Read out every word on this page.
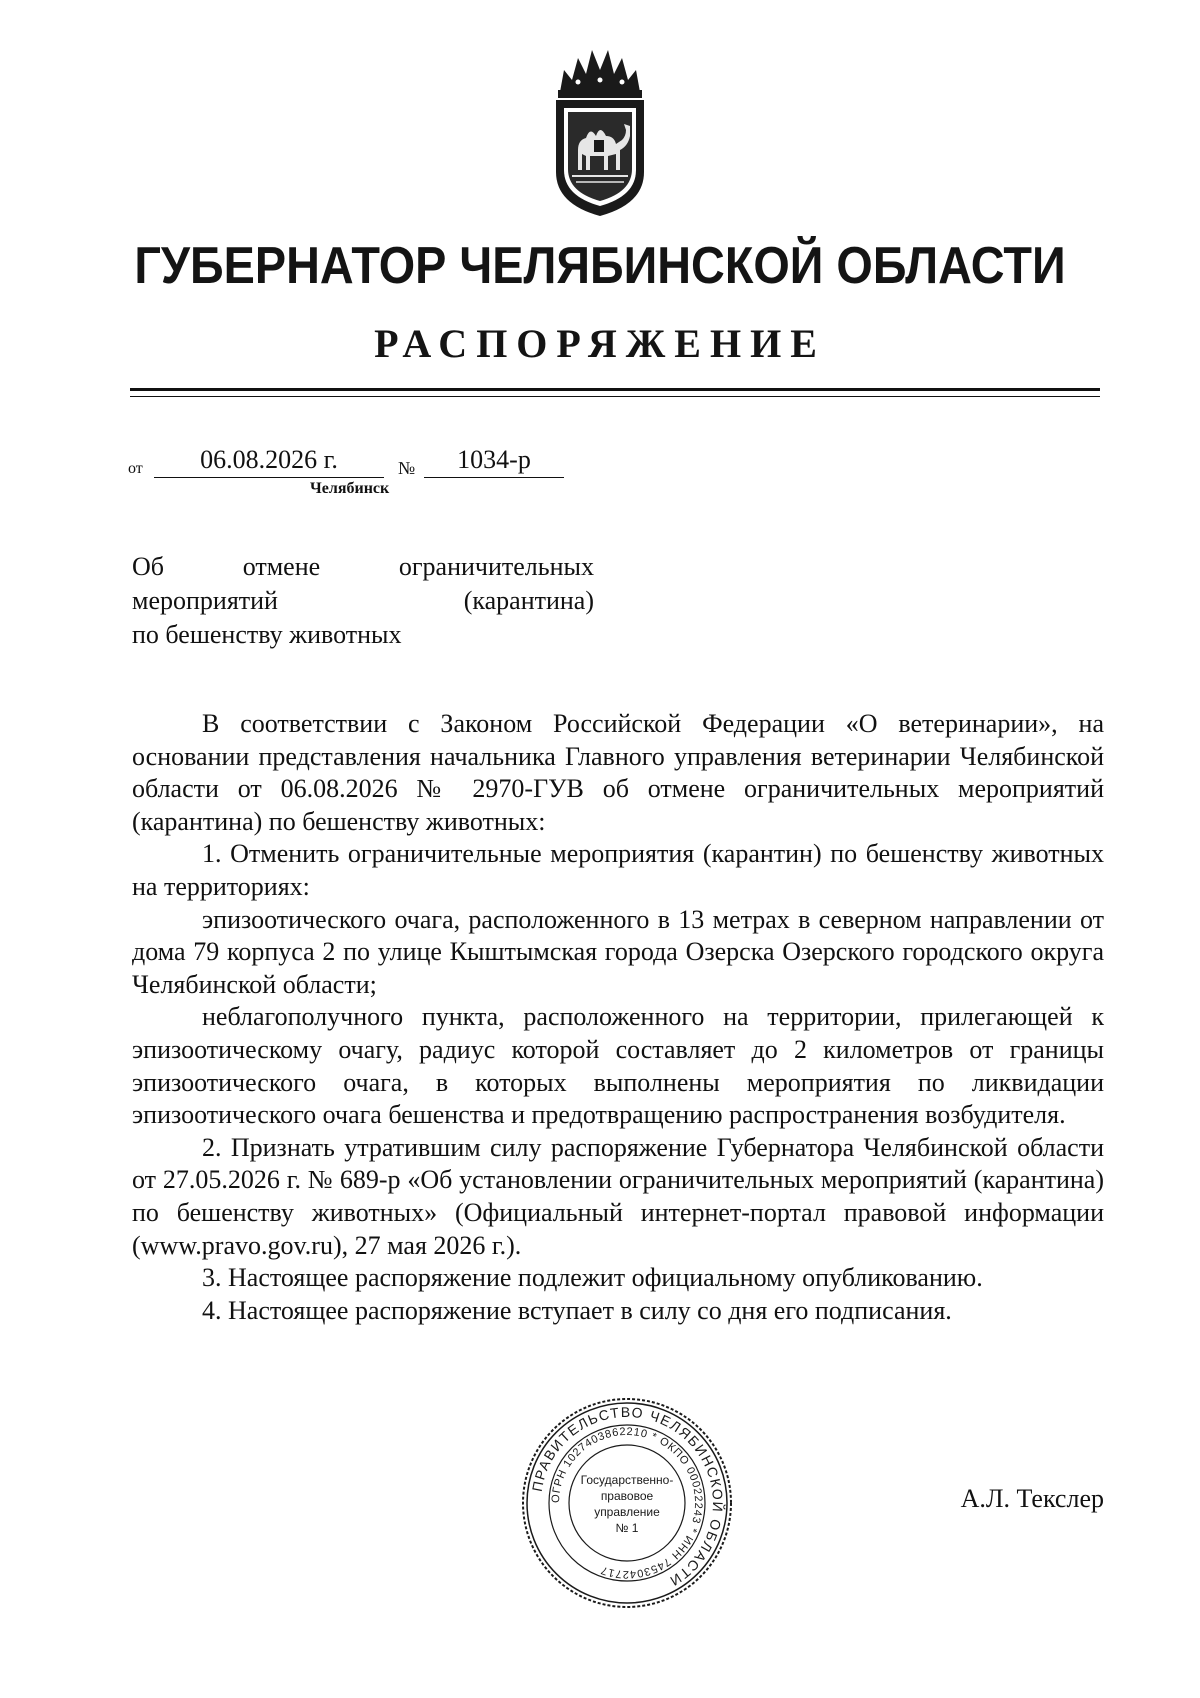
ГУБЕРНАТОР ЧЕЛЯБИНСКОЙ ОБЛАСТИ
РАСПОРЯЖЕНИЕ
от	06.08.2026 г.	№	1034-р
Челябинск
Об	отмене	ограничительных
мероприятий	(карантина)
по бешенству животных

В соответствии с Законом Российской Федерации «О ветеринарии», на основании представления начальника Главного управления ветеринарии Челябинской области от 06.08.2026 № 2970-ГУВ об отмене ограничительных мероприятий (карантина) по бешенству животных:

1. Отменить ограничительные мероприятия (карантин) по бешенству животных на территориях:

эпизоотического очага, расположенного в 13 метрах в северном направлении от дома 79 корпуса 2 по улице Кыштымская города Озерска Озерского городского округа Челябинской области;

неблагополучного пункта, расположенного на территории, прилегающей к эпизоотическому очагу, радиус которой составляет до 2 километров от границы эпизоотического очага, в которых выполнены мероприятия по ликвидации эпизоотического очага бешенства и предотвращению распространения возбудителя.

2. Признать утратившим силу распоряжение Губернатора Челябинской области от 27.05.2026 г. № 689-р «Об установлении ограничительных мероприятий (карантина) по бешенству животных» (Официальный интернет-портал правовой информации (www.pravo.gov.ru), 27 мая 2026 г.).

3. Настоящее распоряжение подлежит официальному опубликованию.

4. Настоящее распоряжение вступает в силу со дня его подписания.

ПРАВИТЕЛЬСТВО ЧЕЛЯБИНСКОЙ ОБЛАСТИ
ОГРН 1027403862210 * ОКПО 00022243 * ИНН 7453042717
Государственно-
правовое
управление
№ 1
А.Л. Текслер
